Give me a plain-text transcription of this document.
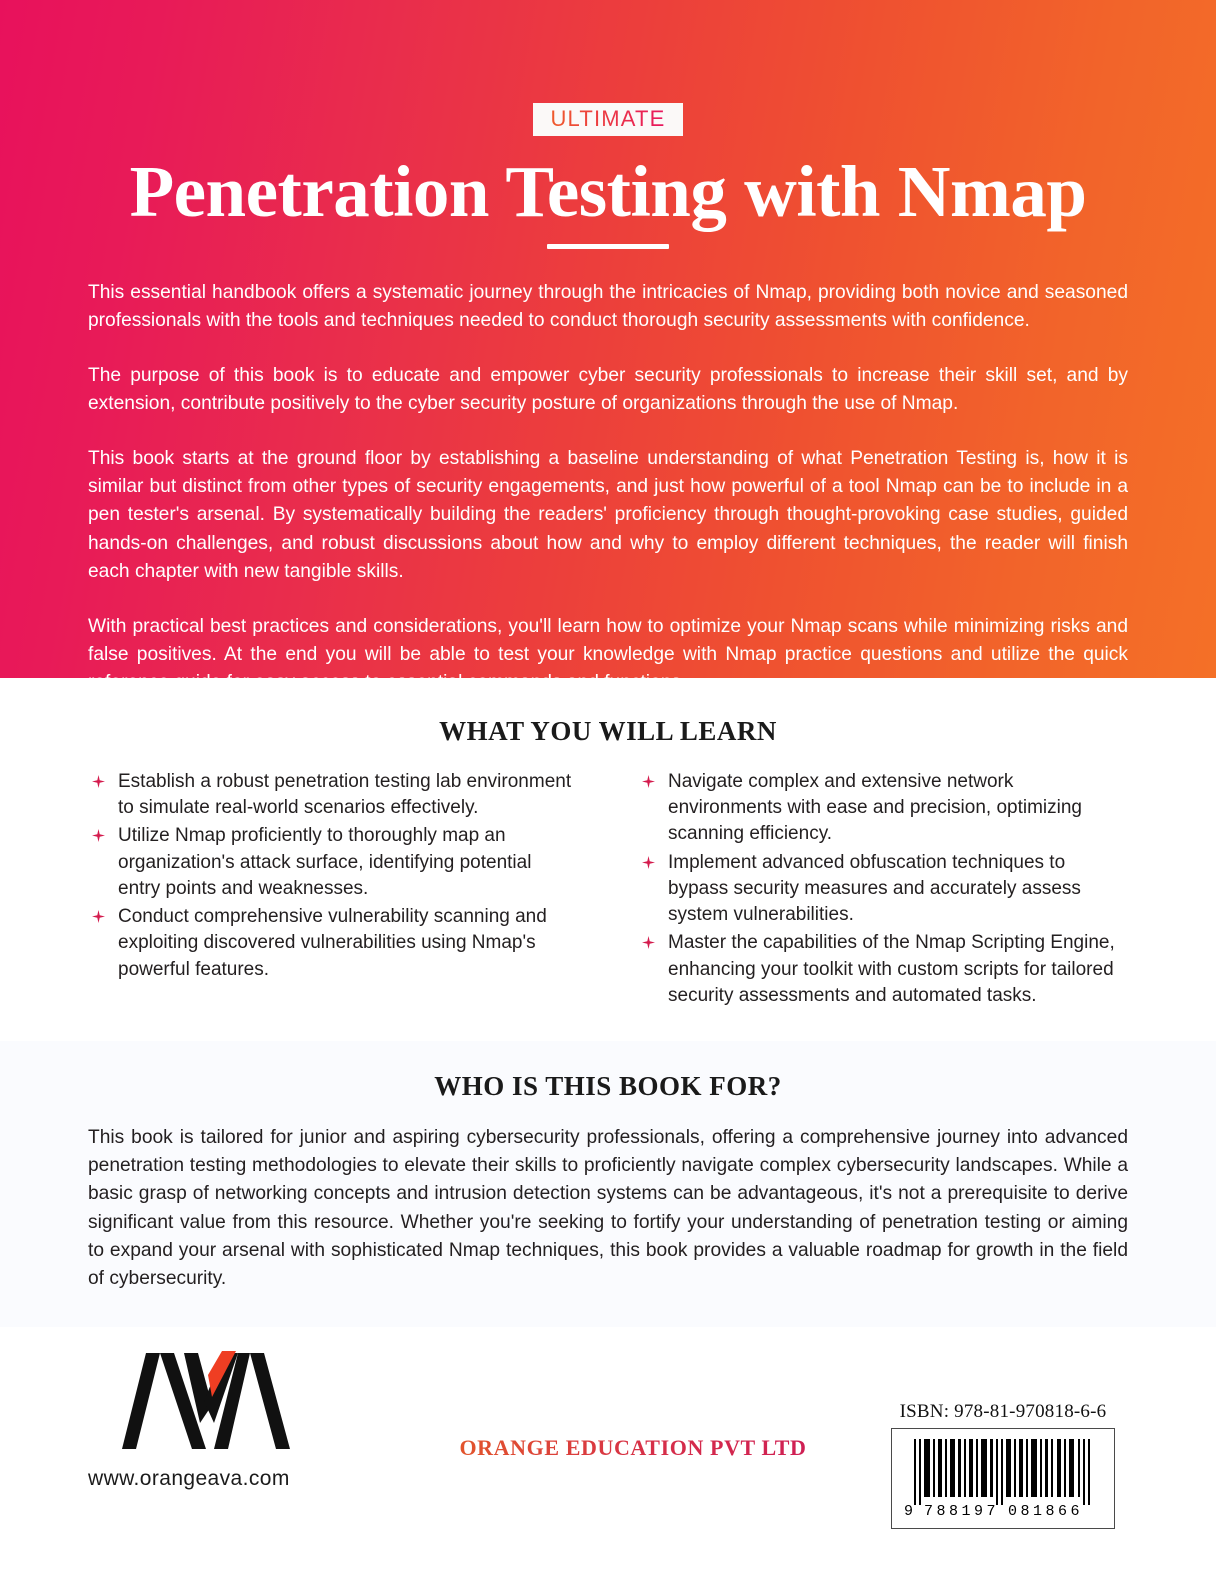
ULTIMATE
Penetration Testing with Nmap

This essential handbook offers a systematic journey through the intricacies of Nmap, providing both novice and seasoned professionals with the tools and techniques needed to conduct thorough security assessments with confidence.

The purpose of this book is to educate and empower cyber security professionals to increase their skill set, and by extension, contribute positively to the cyber security posture of organizations through the use of Nmap.

This book starts at the ground floor by establishing a baseline understanding of what Penetration Testing is, how it is similar but distinct from other types of security engagements, and just how powerful of a tool Nmap can be to include in a pen tester's arsenal. By systematically building the readers' proficiency through thought-provoking case studies, guided hands-on challenges, and robust discussions about how and why to employ different techniques, the reader will finish each chapter with new tangible skills.

With practical best practices and considerations, you'll learn how to optimize your Nmap scans while minimizing risks and false positives. At the end you will be able to test your knowledge with Nmap practice questions and utilize the quick reference guide for easy access to essential commands and functions.

WHAT YOU WILL LEARN
Establish a robust penetration testing lab environment to simulate real-world scenarios effectively.
Utilize Nmap proficiently to thoroughly map an organization's attack surface, identifying potential entry points and weaknesses.
Conduct comprehensive vulnerability scanning and exploiting discovered vulnerabilities using Nmap's powerful features.
Navigate complex and extensive network environments with ease and precision, optimizing scanning efficiency.
Implement advanced obfuscation techniques to bypass security measures and accurately assess system vulnerabilities.
Master the capabilities of the Nmap Scripting Engine, enhancing your toolkit with custom scripts for tailored security assessments and automated tasks.
WHO IS THIS BOOK FOR?

This book is tailored for junior and aspiring cybersecurity professionals, offering a comprehensive journey into advanced penetration testing methodologies to elevate their skills to proficiently navigate complex cybersecurity landscapes. While a basic grasp of networking concepts and intrusion detection systems can be advantageous, it's not a prerequisite to derive significant value from this resource. Whether you're seeking to fortify your understanding of penetration testing or aiming to expand your arsenal with sophisticated Nmap techniques, this book provides a valuable roadmap for growth in the field of cybersecurity.

www.orangeava.com
ORANGE EDUCATION PVT LTD
ISBN: 978-81-970818-6-6
9 788197 081866
